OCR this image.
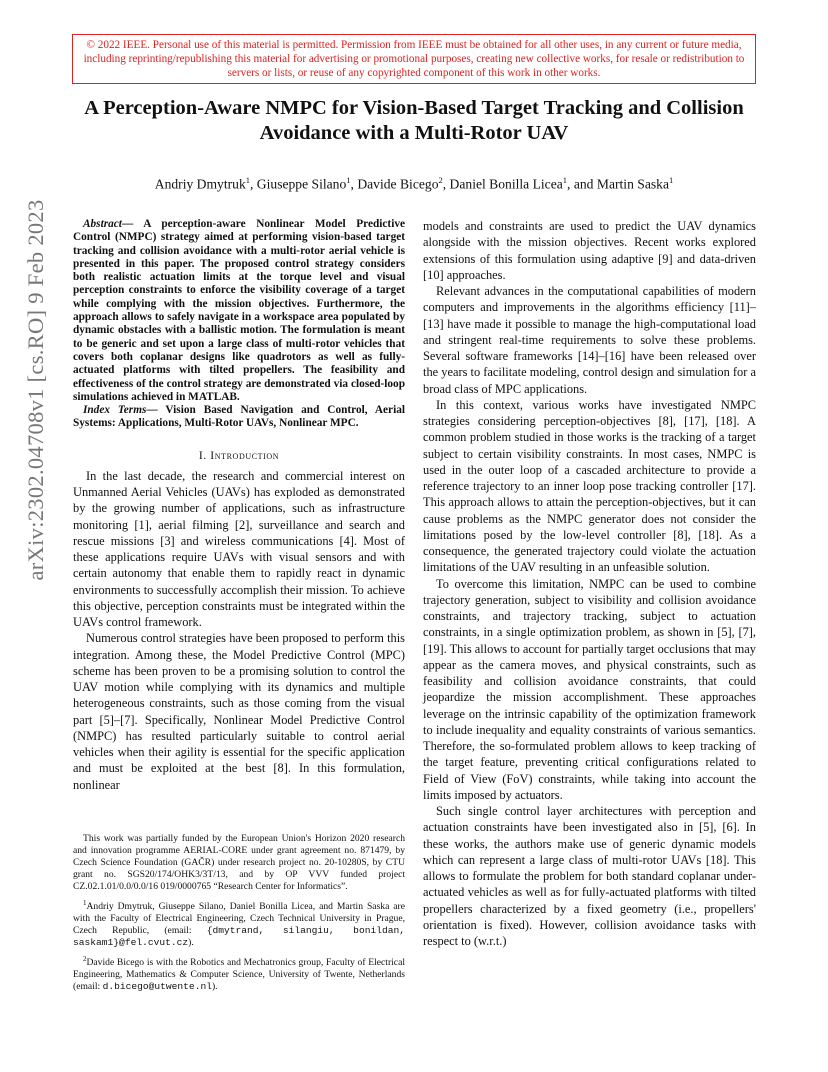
© 2022 IEEE. Personal use of this material is permitted. Permission from IEEE must be obtained for all other uses, in any current or future media, including reprinting/republishing this material for advertising or promotional purposes, creating new collective works, for resale or redistribution to servers or lists, or reuse of any copyrighted component of this work in other works.
A Perception-Aware NMPC for Vision-Based Target Tracking and Collision Avoidance with a Multi-Rotor UAV
Andriy Dmytruk$^1$, Giuseppe Silano$^1$, Davide Bicego$^2$, Daniel Bonilla Licea$^1$, and Martin Saska$^1$
arXiv:2302.04708v1 [cs.RO] 9 Feb 2023	Abstract— A perception-aware Nonlinear Model Predictive Control (NMPC) strategy aimed at performing vision-based target tracking and collision avoidance with a multi-rotor aerial vehicle is presented in this paper. The proposed control strategy considers both realistic actuation limits at the torque level and visual perception constraints to enforce the visibility coverage of a target while complying with the mission objectives. Furthermore, the approach allows to safely navigate in a workspace area populated by dynamic obstacles with a ballistic motion. The formulation is meant to be generic and set upon a large class of multi-rotor vehicles that covers both coplanar designs like quadrotors as well as fully-actuated platforms with tilted propellers. The feasibility and effectiveness of the control strategy are demonstrated via closed-loop simulations achieved in MATLAB.

Index Terms— Vision Based Navigation and Control, Aerial Systems: Applications, Multi-Rotor UAVs, Nonlinear MPC.

I. Introduction

In the last decade, the research and commercial interest on Unmanned Aerial Vehicles (UAVs) has exploded as demonstrated by the growing number of applications, such as infrastructure monitoring [1], aerial filming [2], surveillance and search and rescue missions [3] and wireless communications [4]. Most of these applications require UAVs with visual sensors and with certain autonomy that enable them to rapidly react in dynamic environments to successfully accomplish their mission. To achieve this objective, perception constraints must be integrated within the UAVs control framework.

Numerous control strategies have been proposed to perform this integration. Among these, the Model Predictive Control (MPC) scheme has been proven to be a promising solution to control the UAV motion while complying with its dynamics and multiple heterogeneous constraints, such as those coming from the visual part [5]–[7]. Specifically, Nonlinear Model Predictive Control (NMPC) has resulted particularly suitable to control aerial vehicles when their agility is essential for the specific application and must be exploited at the best [8]. In this formulation, nonlinear

This work was partially funded by the European Union's Horizon 2020 research and innovation programme AERIAL-CORE under grant agreement no. 871479, by Czech Science Foundation (GAČR) under research project no. 20-10280S, by CTU grant no. SGS20/174/OHK3/3T/13, and by OP VVV funded project CZ.02.1.01/0.0/0.0/16 019/0000765 “Research Center for Informatics”.

$^1$Andriy Dmytruk, Giuseppe Silano, Daniel Bonilla Licea, and Martin Saska are with the Faculty of Electrical Engineering, Czech Technical University in Prague, Czech Republic, (email: {dmytrand, silangiu, bonildan, saskam1}@fel.cvut.cz).

$^2$Davide Bicego is with the Robotics and Mechatronics group, Faculty of Electrical Engineering, Mathematics & Computer Science, University of Twente, Netherlands (email: d.bicego@utwente.nl).

models and constraints are used to predict the UAV dynamics alongside with the mission objectives. Recent works explored extensions of this formulation using adaptive [9] and data-driven [10] approaches.

Relevant advances in the computational capabilities of modern computers and improvements in the algorithms efficiency [11]–[13] have made it possible to manage the high-computational load and stringent real-time requirements to solve these problems. Several software frameworks [14]–[16] have been released over the years to facilitate modeling, control design and simulation for a broad class of MPC applications.

In this context, various works have investigated NMPC strategies considering perception-objectives [8], [17], [18]. A common problem studied in those works is the tracking of a target subject to certain visibility constraints. In most cases, NMPC is used in the outer loop of a cascaded architecture to provide a reference trajectory to an inner loop pose tracking controller [17]. This approach allows to attain the perception-objectives, but it can cause problems as the NMPC generator does not consider the limitations posed by the low-level controller [8], [18]. As a consequence, the generated trajectory could violate the actuation limitations of the UAV resulting in an unfeasible solution.

To overcome this limitation, NMPC can be used to combine trajectory generation, subject to visibility and collision avoidance constraints, and trajectory tracking, subject to actuation constraints, in a single optimization problem, as shown in [5], [7], [19]. This allows to account for partially target occlusions that may appear as the camera moves, and physical constraints, such as feasibility and collision avoidance constraints, that could jeopardize the mission accomplishment. These approaches leverage on the intrinsic capability of the optimization framework to include inequality and equality constraints of various semantics. Therefore, the so-formulated problem allows to keep tracking of the target feature, preventing critical configurations related to Field of View (FoV) constraints, while taking into account the limits imposed by actuators.

Such single control layer architectures with perception and actuation constraints have been investigated also in [5], [6]. In these works, the authors make use of generic dynamic models which can represent a large class of multi-rotor UAVs [18]. This allows to formulate the problem for both standard coplanar under-actuated vehicles as well as for fully-actuated platforms with tilted propellers characterized by a fixed geometry (i.e., propellers' orientation is fixed). However, collision avoidance tasks with respect to (w.r.t.)
